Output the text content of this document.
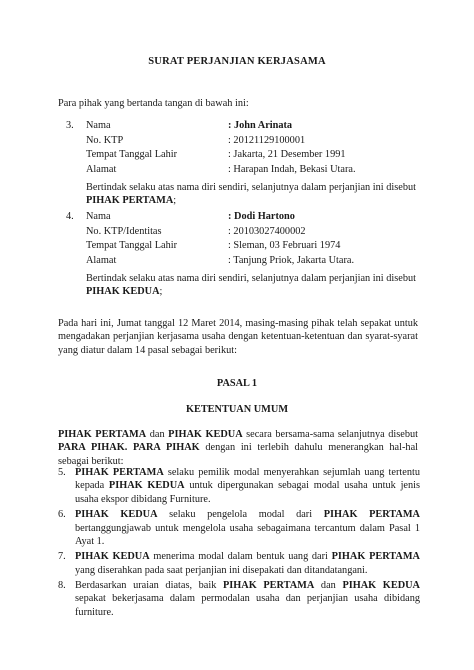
SURAT PERJANJIAN KERJASAMA
Para pihak yang bertanda tangan di bawah ini:
3. Nama	: John Arinata
No. KTP	: 20121129100001
Tempat Tanggal Lahir	: Jakarta, 21 Desember 1991
Alamat	: Harapan Indah, Bekasi Utara.
Bertindak selaku atas nama diri sendiri, selanjutnya dalam perjanjian ini disebut PIHAK PERTAMA;
4. Nama	: Dodi Hartono
No. KTP/Identitas	: 20103027400002
Tempat Tanggal Lahir	: Sleman, 03 Februari 1974
Alamat	: Tanjung Priok, Jakarta Utara.
Bertindak selaku atas nama diri sendiri, selanjutnya dalam perjanjian ini disebut PIHAK KEDUA;
Pada hari ini, Jumat tanggal 12 Maret 2014, masing-masing pihak telah sepakat untuk mengadakan perjanjian kerjasama usaha dengan ketentuan-ketentuan dan syarat-syarat yang diatur dalam 14 pasal sebagai berikut:
PASAL 1
KETENTUAN UMUM
PIHAK PERTAMA dan PIHAK KEDUA secara bersama-sama selanjutnya disebut PARA PIHAK. PARA PIHAK dengan ini terlebih dahulu menerangkan hal-hal sebagai berikut:
5. PIHAK PERTAMA selaku pemilik modal menyerahkan sejumlah uang tertentu kepada PIHAK KEDUA untuk dipergunakan sebagai modal usaha untuk jenis usaha ekspor dibidang Furniture.
6. PIHAK KEDUA selaku pengelola modal dari PIHAK PERTAMA bertanggungjawab untuk mengelola usaha sebagaimana tercantum dalam Pasal 1 Ayat 1.
7. PIHAK KEDUA menerima modal dalam bentuk uang dari PIHAK PERTAMA yang diserahkan pada saat perjanjian ini disepakati dan ditandatangani.
8. Berdasarkan uraian diatas, baik PIHAK PERTAMA dan PIHAK KEDUA sepakat bekerjasama dalam permodalan usaha dan perjanjian usaha dibidang furniture.
